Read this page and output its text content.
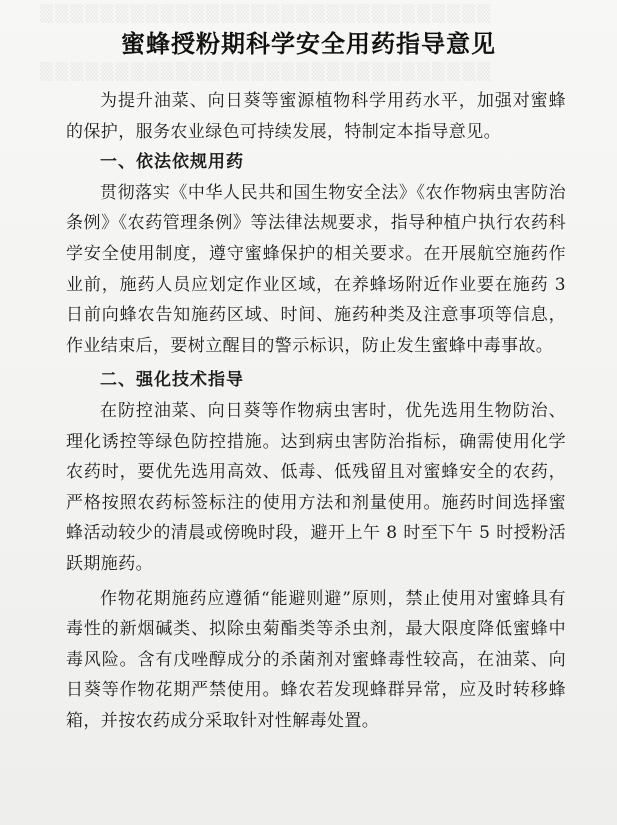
▒▒▒▒▒▒▒▒▒▒▒▒▒▒▒▒▒▒▒▒▒▒▒▒▒▒▒▒▒▒
▒▒▒▒▒▒▒▒▒▒▒▒▒▒▒▒▒▒▒▒▒▒▒▒▒▒▒▒▒▒
蜜蜂授粉期科学安全用药指导意见

为提升油菜、向日葵等蜜源植物科学用药水平，加强对蜜蜂的保护，服务农业绿色可持续发展，特制定本指导意见。

一、依法依规用药

贯彻落实《中华人民共和国生物安全法》《农作物病虫害防治条例》《农药管理条例》等法律法规要求，指导种植户执行农药科学安全使用制度，遵守蜜蜂保护的相关要求。在开展航空施药作业前，施药人员应划定作业区域，在养蜂场附近作业要在施药 3 日前向蜂农告知施药区域、时间、施药种类及注意事项等信息，作业结束后，要树立醒目的警示标识，防止发生蜜蜂中毒事故。

二、强化技术指导

在防控油菜、向日葵等作物病虫害时，优先选用生物防治、理化诱控等绿色防控措施。达到病虫害防治指标，确需使用化学农药时，要优先选用高效、低毒、低残留且对蜜蜂安全的农药，严格按照农药标签标注的使用方法和剂量使用。施药时间选择蜜蜂活动较少的清晨或傍晚时段，避开上午 8 时至下午 5 时授粉活跃期施药。

作物花期施药应遵循“能避则避”原则，禁止使用对蜜蜂具有毒性的新烟碱类、拟除虫菊酯类等杀虫剂，最大限度降低蜜蜂中毒风险。含有戊唑醇成分的杀菌剂对蜜蜂毒性较高，在油菜、向日葵等作物花期严禁使用。蜂农若发现蜂群异常，应及时转移蜂箱，并按农药成分采取针对性解毒处置。
